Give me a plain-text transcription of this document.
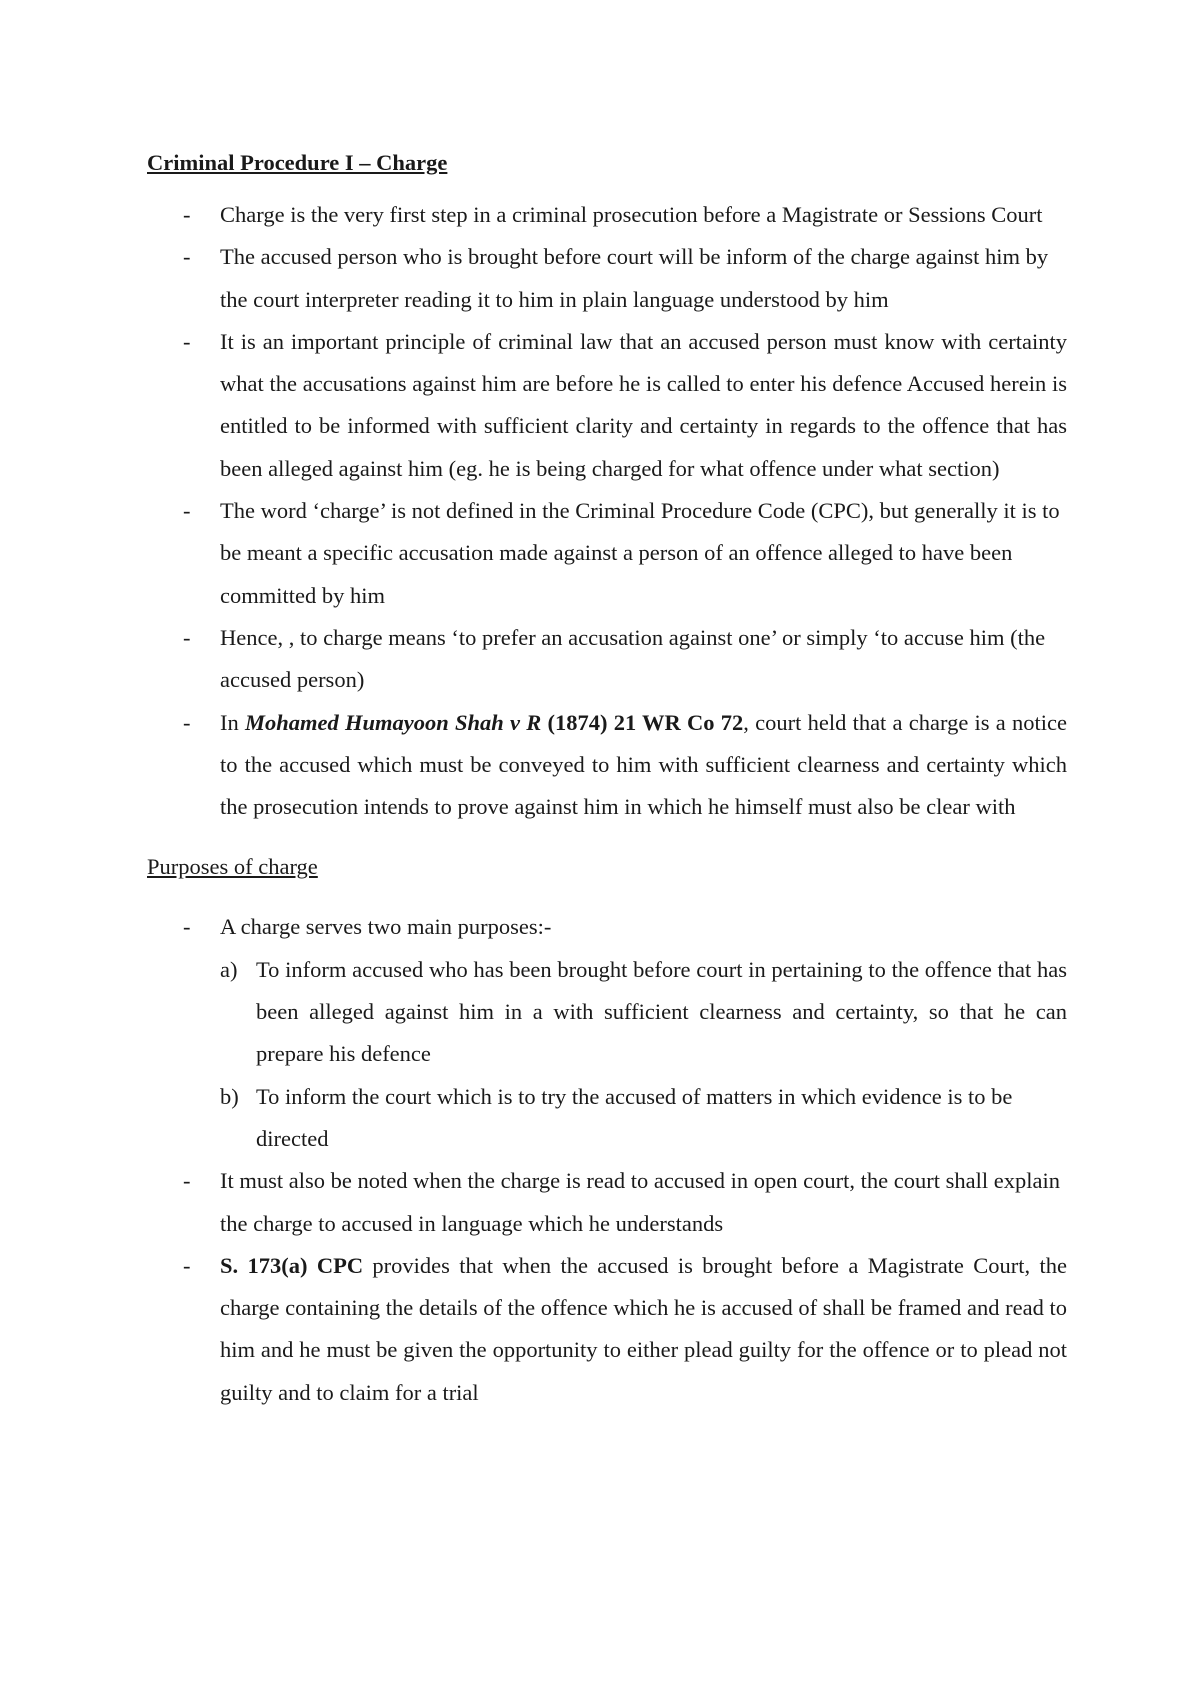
Criminal Procedure I – Charge
- Charge is the very first step in a criminal prosecution before a Magistrate or Sessions Court
- The accused person who is brought before court will be inform of the charge against him by the court interpreter reading it to him in plain language understood by him
- It is an important principle of criminal law that an accused person must know with certainty what the accusations against him are before he is called to enter his defence Accused herein is entitled to be informed with sufficient clarity and certainty in regards to the offence that has been alleged against him (eg. he is being charged for what offence under what section)
- The word ‘charge’ is not defined in the Criminal Procedure Code (CPC), but generally it is to be meant a specific accusation made against a person of an offence alleged to have been committed by him
- Hence, , to charge means ‘to prefer an accusation against one’ or simply ‘to accuse him (the accused person)
- In Mohamed Humayoon Shah v R (1874) 21 WR Co 72, court held that a charge is a notice to the accused which must be conveyed to him with sufficient clearness and certainty which the prosecution intends to prove against him in which he himself must also be clear with
Purposes of charge
- A charge serves two main purposes:-
a) To inform accused who has been brought before court in pertaining to the offence that has been alleged against him in a with sufficient clearness and certainty, so that he can prepare his defence
b) To inform the court which is to try the accused of matters in which evidence is to be directed
- It must also be noted when the charge is read to accused in open court, the court shall explain the charge to accused in language which he understands
- S. 173(a) CPC provides that when the accused is brought before a Magistrate Court, the charge containing the details of the offence which he is accused of shall be framed and read to him and he must be given the opportunity to either plead guilty for the offence or to plead not guilty and to claim for a trial
